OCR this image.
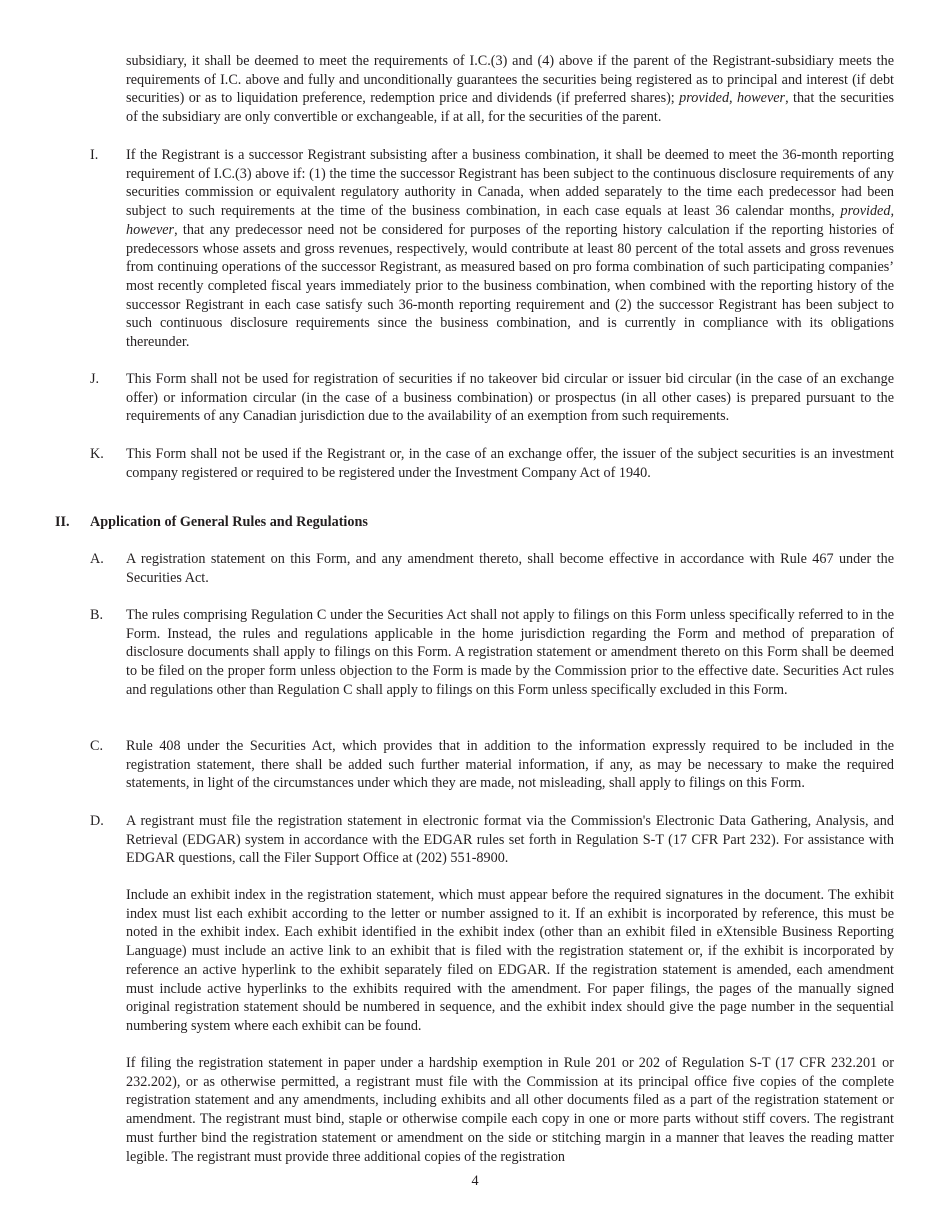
subsidiary, it shall be deemed to meet the requirements of I.C.(3) and (4) above if the parent of the Registrant-subsidiary meets the requirements of I.C. above and fully and unconditionally guarantees the securities being registered as to principal and interest (if debt securities) or as to liquidation preference, redemption price and dividends (if preferred shares); provided, however, that the securities of the subsidiary are only convertible or exchangeable, if at all, for the securities of the parent.

I.	If the Registrant is a successor Registrant subsisting after a business combination, it shall be deemed to meet the 36-month reporting requirement of I.C.(3) above if: (1) the time the successor Registrant has been subject to the continuous disclosure requirements of any securities commission or equivalent regulatory authority in Canada, when added separately to the time each predecessor had been subject to such requirements at the time of the business combination, in each case equals at least 36 calendar months, provided, however, that any predecessor need not be considered for purposes of the reporting history calculation if the reporting histories of predecessors whose assets and gross revenues, respectively, would contribute at least 80 percent of the total assets and gross revenues from continuing operations of the successor Registrant, as measured based on pro forma combination of such participating companies’ most recently completed fiscal years immediately prior to the business combination, when combined with the reporting history of the successor Registrant in each case satisfy such 36-month reporting requirement and (2) the successor Registrant has been subject to such continuous disclosure requirements since the business combination, and is currently in compliance with its obligations thereunder.

J.	This Form shall not be used for registration of securities if no takeover bid circular or issuer bid circular (in the case of an exchange offer) or information circular (in the case of a business combination) or prospectus (in all other cases) is prepared pursuant to the requirements of any Canadian jurisdiction due to the availability of an exemption from such requirements.

K.	This Form shall not be used if the Registrant or, in the case of an exchange offer, the issuer of the subject securities is an investment company registered or required to be registered under the Investment Company Act of 1940.

II. Application of General Rules and Regulations
A.	A registration statement on this Form, and any amendment thereto, shall become effective in accordance with Rule 467 under the Securities Act.

B.	The rules comprising Regulation C under the Securities Act shall not apply to filings on this Form unless specifically referred to in the Form. Instead, the rules and regulations applicable in the home jurisdiction regarding the Form and method of preparation of disclosure documents shall apply to filings on this Form. A registration statement or amendment thereto on this Form shall be deemed to be filed on the proper form unless objection to the Form is made by the Commission prior to the effective date. Securities Act rules and regulations other than Regulation C shall apply to filings on this Form unless specifically excluded in this Form.

C.	Rule 408 under the Securities Act, which provides that in addition to the information expressly required to be included in the registration statement, there shall be added such further material information, if any, as may be necessary to make the required statements, in light of the circumstances under which they are made, not misleading, shall apply to filings on this Form.

D.	A registrant must file the registration statement in electronic format via the Commission's Electronic Data Gathering, Analysis, and Retrieval (EDGAR) system in accordance with the EDGAR rules set forth in Regulation S-T (17 CFR Part 232). For assistance with EDGAR questions, call the Filer Support Office at (202) 551-8900.

Include an exhibit index in the registration statement, which must appear before the required signatures in the document. The exhibit index must list each exhibit according to the letter or number assigned to it. If an exhibit is incorporated by reference, this must be noted in the exhibit index. Each exhibit identified in the exhibit index (other than an exhibit filed in eXtensible Business Reporting Language) must include an active link to an exhibit that is filed with the registration statement or, if the exhibit is incorporated by reference an active hyperlink to the exhibit separately filed on EDGAR. If the registration statement is amended, each amendment must include active hyperlinks to the exhibits required with the amendment. For paper filings, the pages of the manually signed original registration statement should be numbered in sequence, and the exhibit index should give the page number in the sequential numbering system where each exhibit can be found.

If filing the registration statement in paper under a hardship exemption in Rule 201 or 202 of Regulation S-T (17 CFR 232.201 or 232.202), or as otherwise permitted, a registrant must file with the Commission at its principal office five copies of the complete registration statement and any amendments, including exhibits and all other documents filed as a part of the registration statement or amendment. The registrant must bind, staple or otherwise compile each copy in one or more parts without stiff covers. The registrant must further bind the registration statement or amendment on the side or stitching margin in a manner that leaves the reading matter legible. The registrant must provide three additional copies of the registration

4
